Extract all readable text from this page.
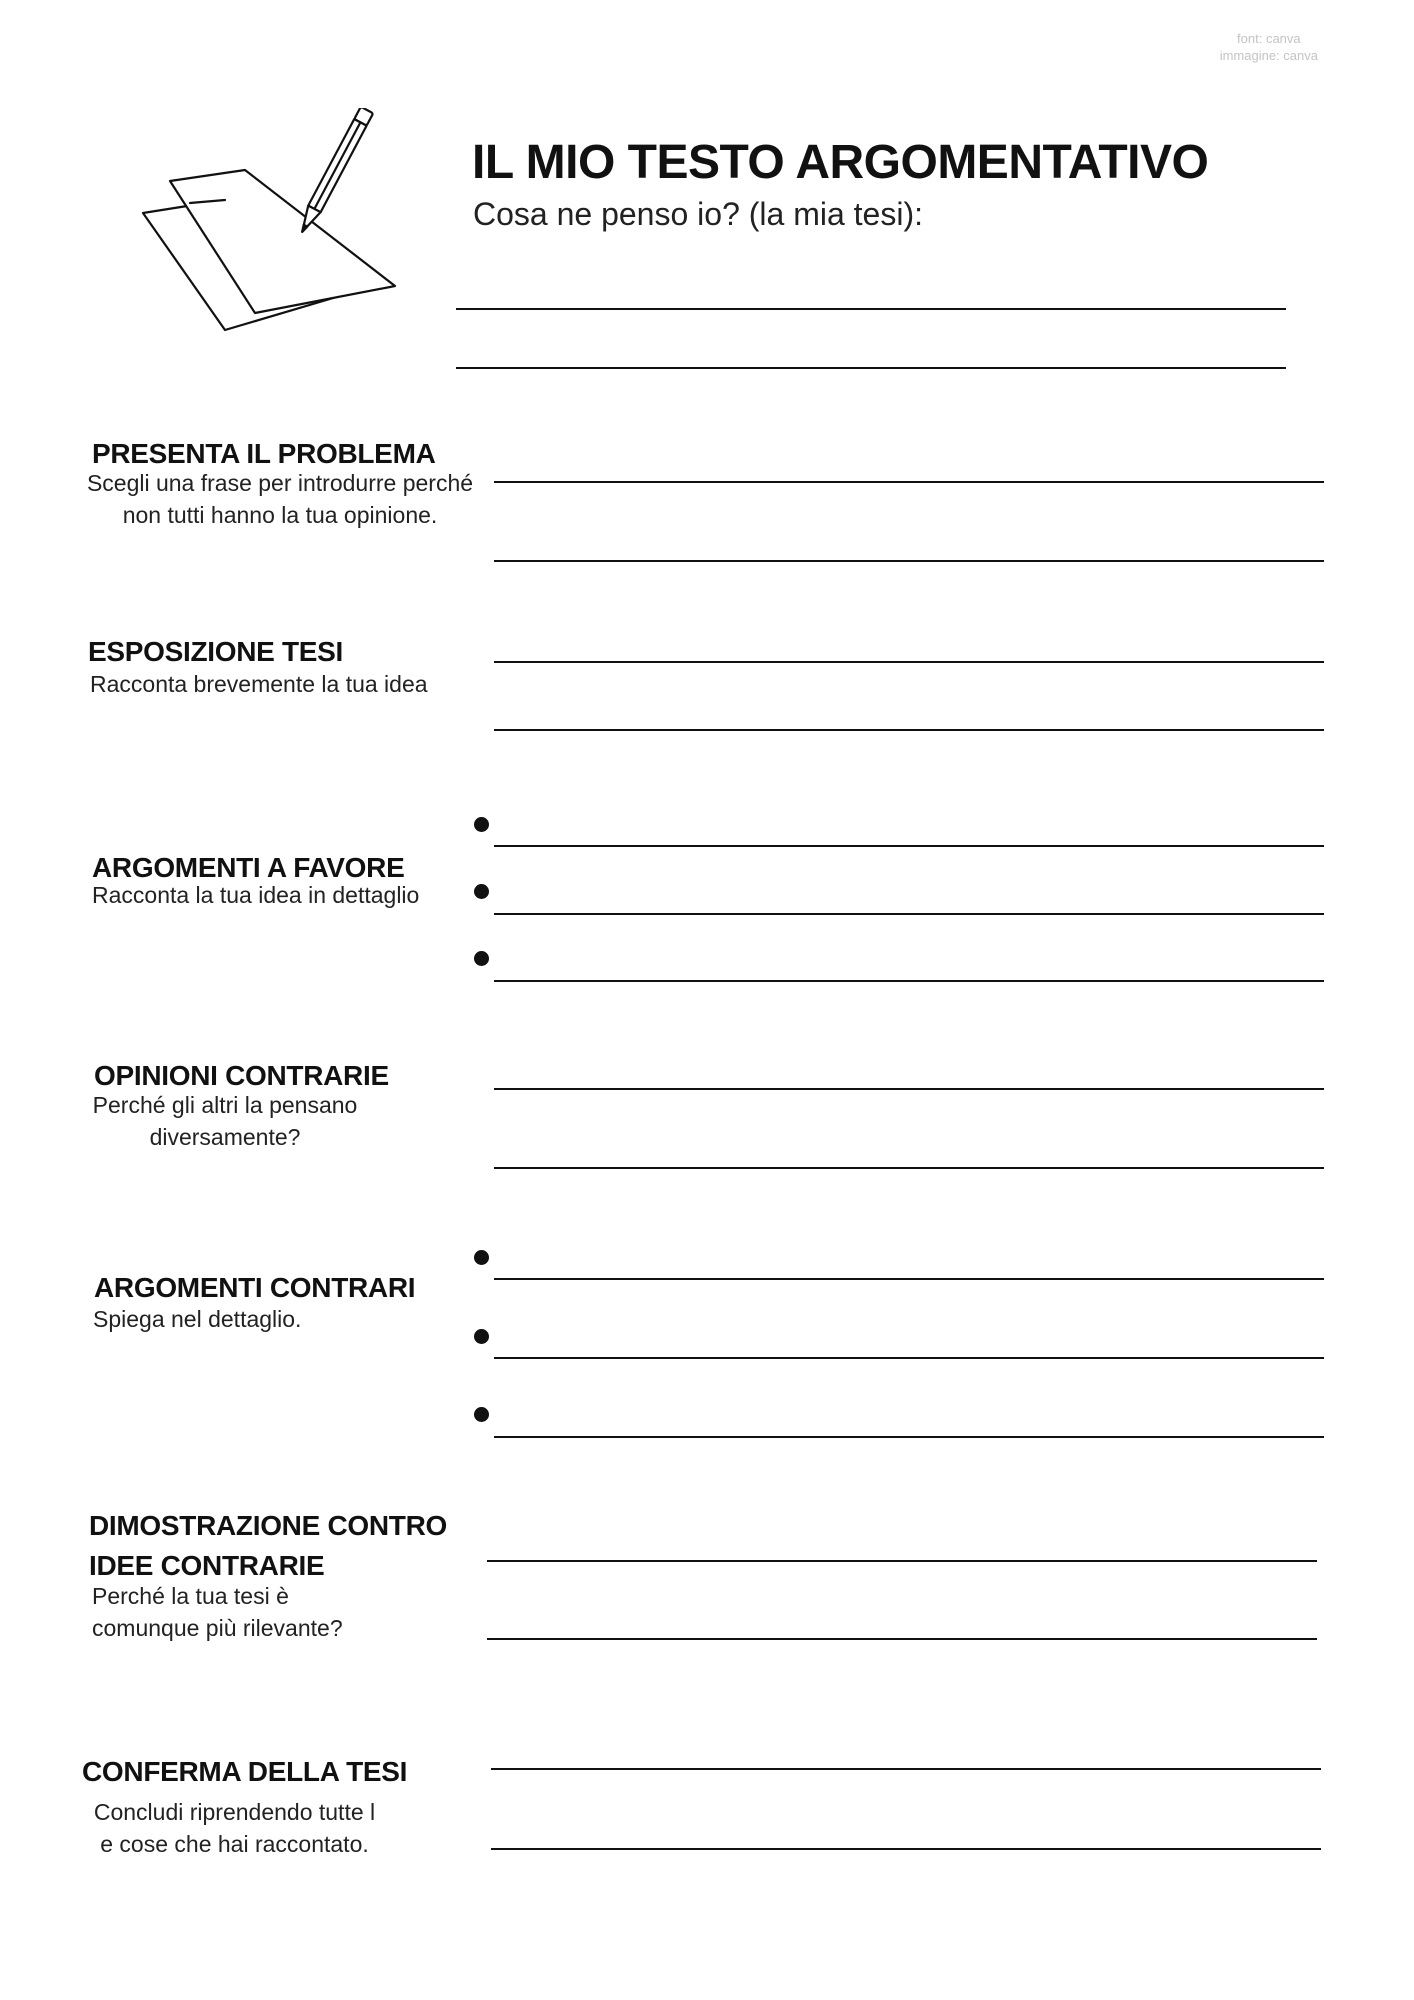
font: canva
immagine: canva
IL MIO TESTO ARGOMENTATIVO
Cosa ne penso io? (la mia tesi):
PRESENTA IL PROBLEMA
Scegli una frase per introdurre perché
non tutti hanno la tua opinione.
ESPOSIZIONE TESI
Racconta brevemente la tua idea
ARGOMENTI A FAVORE
Racconta la tua idea in dettaglio
OPINIONI CONTRARIE
Perché gli altri la pensano
diversamente?
ARGOMENTI CONTRARI
Spiega nel dettaglio.
DIMOSTRAZIONE CONTRO
IDEE CONTRARIE
Perché la tua tesi è
comunque più rilevante?
CONFERMA DELLA TESI
Concludi riprendendo tutte l
e cose che hai raccontato.
